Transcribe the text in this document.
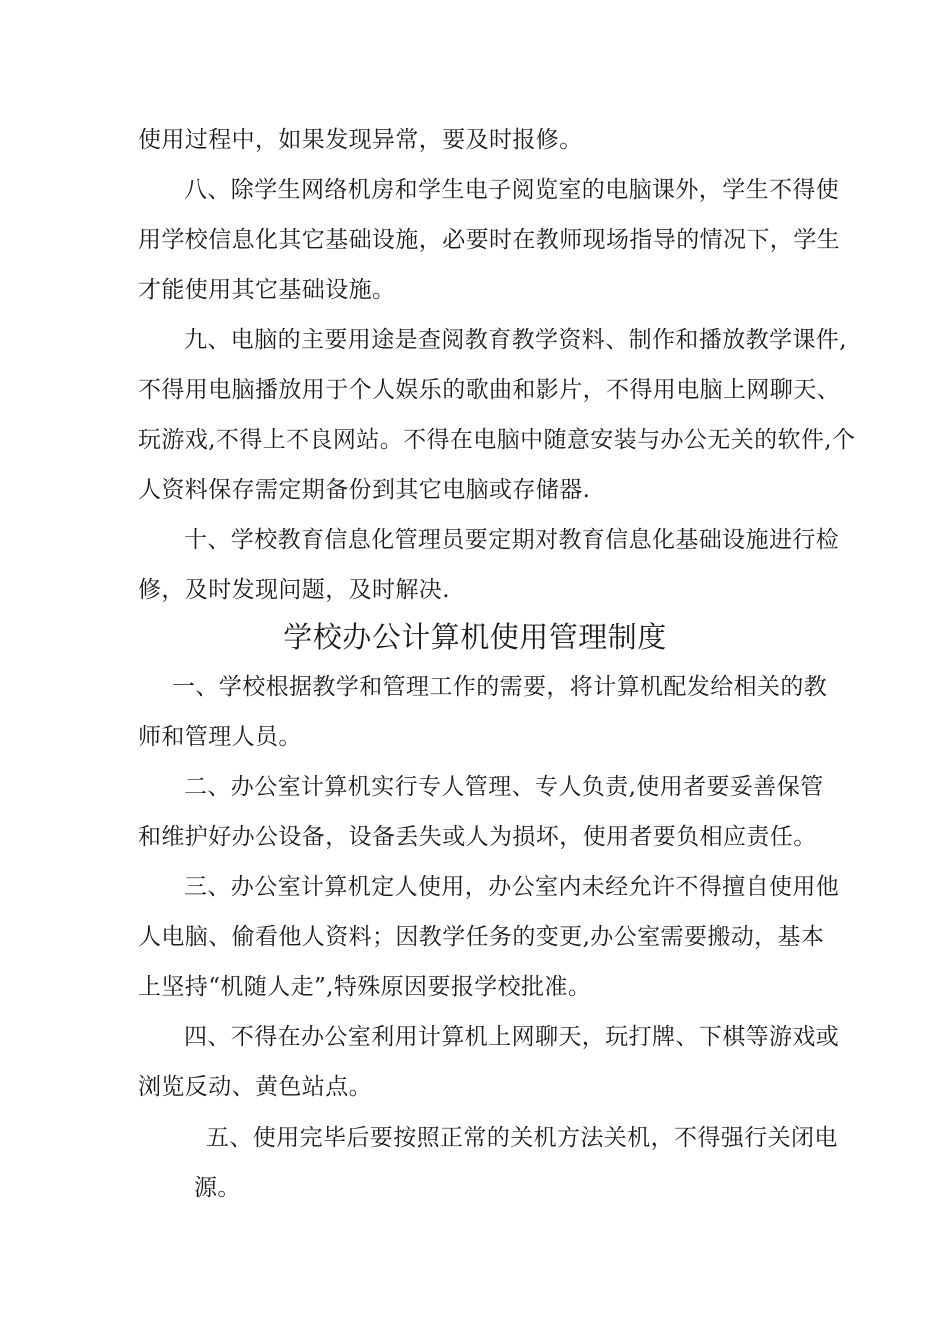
使用过程中，如果发现异常，要及时报修。
八、除学生网络机房和学生电子阅览室的电脑课外，学生不得使
用学校信息化其它基础设施，必要时在教师现场指导的情况下，学生
才能使用其它基础设施。
九、电脑的主要用途是查阅教育教学资料、制作和播放教学课件,
不得用电脑播放用于个人娱乐的歌曲和影片，不得用电脑上网聊天、
玩游戏,不得上不良网站。不得在电脑中随意安装与办公无关的软件,个
人资料保存需定期备份到其它电脑或存储器.
十、学校教育信息化管理员要定期对教育信息化基础设施进行检
修，及时发现问题，及时解决.
学校办公计算机使用管理制度
一、学校根据教学和管理工作的需要，将计算机配发给相关的教
师和管理人员。
二、办公室计算机实行专人管理、专人负责,使用者要妥善保管
和维护好办公设备，设备丢失或人为损坏，使用者要负相应责任。
三、办公室计算机定人使用，办公室内未经允许不得擅自使用他
人电脑、偷看他人资料；因教学任务的变更,办公室需要搬动，基本
上坚持“机随人走”,特殊原因要报学校批准。
四、不得在办公室利用计算机上网聊天，玩打牌、下棋等游戏或
浏览反动、黄色站点。
五、使用完毕后要按照正常的关机方法关机，不得强行关闭电
源。
